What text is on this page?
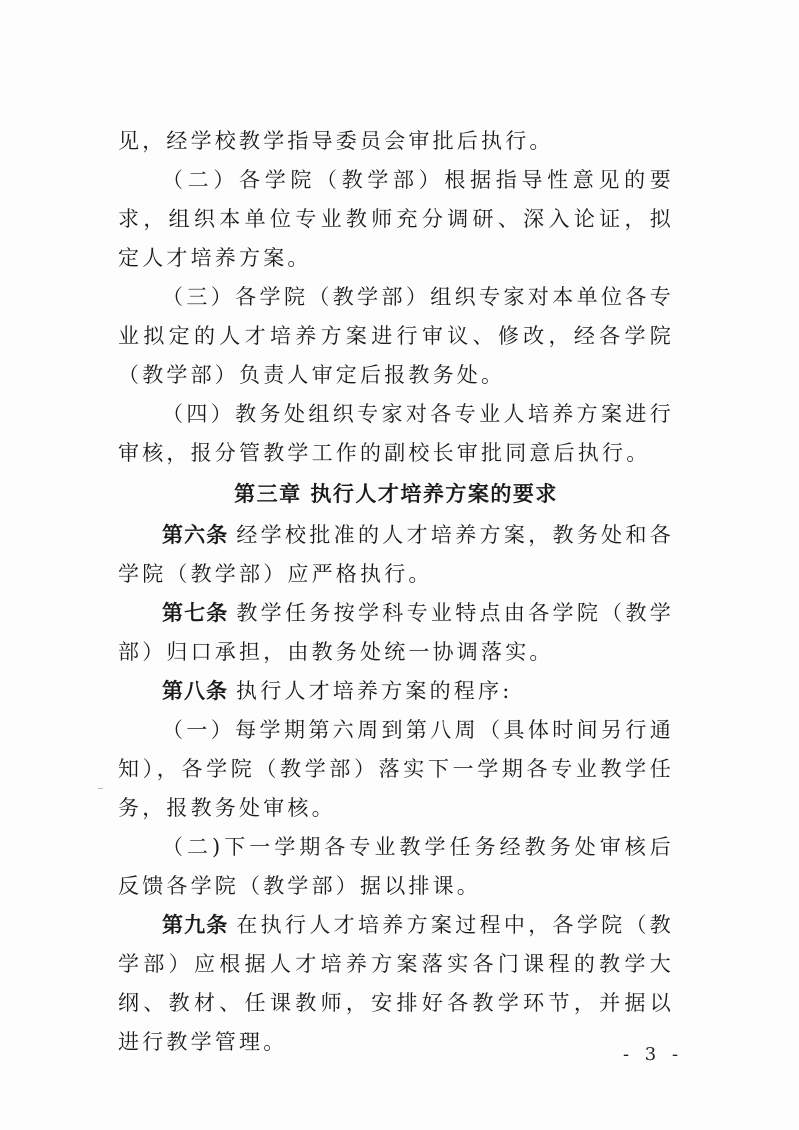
见，经学校教学指导委员会审批后执行。

（二）各学院（教学部）根据指导性意见的要求，组织本单位专业教师充分调研、深入论证，拟定人才培养方案。

（三）各学院（教学部）组织专家对本单位各专业拟定的人才培养方案进行审议、修改，经各学院（教学部）负责人审定后报教务处。

（四）教务处组织专家对各专业人培养方案进行审核，报分管教学工作的副校长审批同意后执行。

第三章 执行人才培养方案的要求

第六条 经学校批准的人才培养方案，教务处和各学院（教学部）应严格执行。

第七条 教学任务按学科专业特点由各学院（教学部）归口承担，由教务处统一协调落实。

第八条 执行人才培养方案的程序:

（一）每学期第六周到第八周（具体时间另行通知），各学院（教学部）落实下一学期各专业教学任务，报教务处审核。

（二)下一学期各专业教学任务经教务处审核后反馈各学院（教学部）据以排课。

第九条 在执行人才培养方案过程中，各学院（教学部）应根据人才培养方案落实各门课程的教学大纲、教材、任课教师，安排好各教学环节，并据以进行教学管理。

- 3 -
